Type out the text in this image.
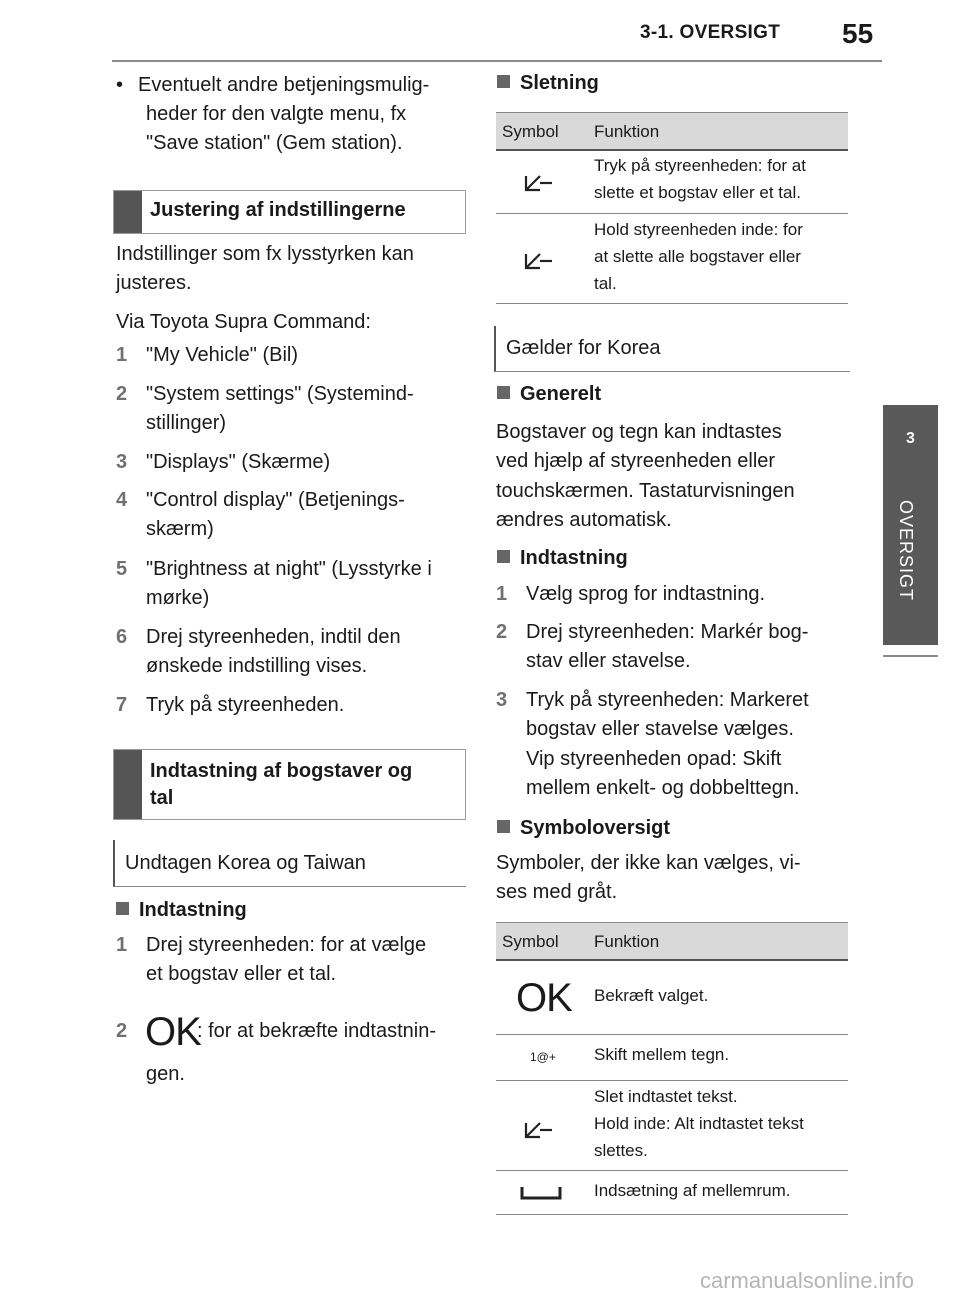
3-1. OVERSIGT 55
3
OVERSIGT
• Eventuelt andre betjeningsmulig-
heder for den valgte menu, fx
"Save station" (Gem station).
Justering af indstillingerne
Indstillinger som fx lysstyrken kan
justeres.
Via Toyota Supra Command:
1 "My Vehicle" (Bil)
2 "System settings" (Systemind-
stillinger)
3 "Displays" (Skærme)
4 "Control display" (Betjenings-
skærm)
5 "Brightness at night" (Lysstyrke i
mørke)
6 Drej styreenheden, indtil den
ønskede indstilling vises.
7 Tryk på styreenheden.
Indtastning af bogstaver og
tal
Undtagen Korea og Taiwan
Indtastning
1 Drej styreenheden: for at vælge
et bogstav eller et tal.
2 OK
: for at bekræfte indtastnin-
gen.
Sletning
Symbol Funktion
Tryk på styreenheden: for at
slette et bogstav eller et tal.
Hold styreenheden inde: for
at slette alle bogstaver eller
tal.
Gælder for Korea
Generelt
Bogstaver og tegn kan indtastes
ved hjælp af styreenheden eller
touchskærmen. Tastaturvisningen
ændres automatisk.
Indtastning
1 Vælg sprog for indtastning.
2 Drej styreenheden: Markér bog-
stav eller stavelse.
3 Tryk på styreenheden: Markeret
bogstav eller stavelse vælges.
Vip styreenheden opad: Skift
mellem enkelt- og dobbelttegn.
Symboloversigt
Symboler, der ikke kan vælges, vi-
ses med gråt.
Symbol Funktion
OK Bekræft valget.
1@+ Skift mellem tegn.
Slet indtastet tekst.
Hold inde: Alt indtastet tekst
slettes.
Indsætning af mellemrum.
carmanualsonline.info
